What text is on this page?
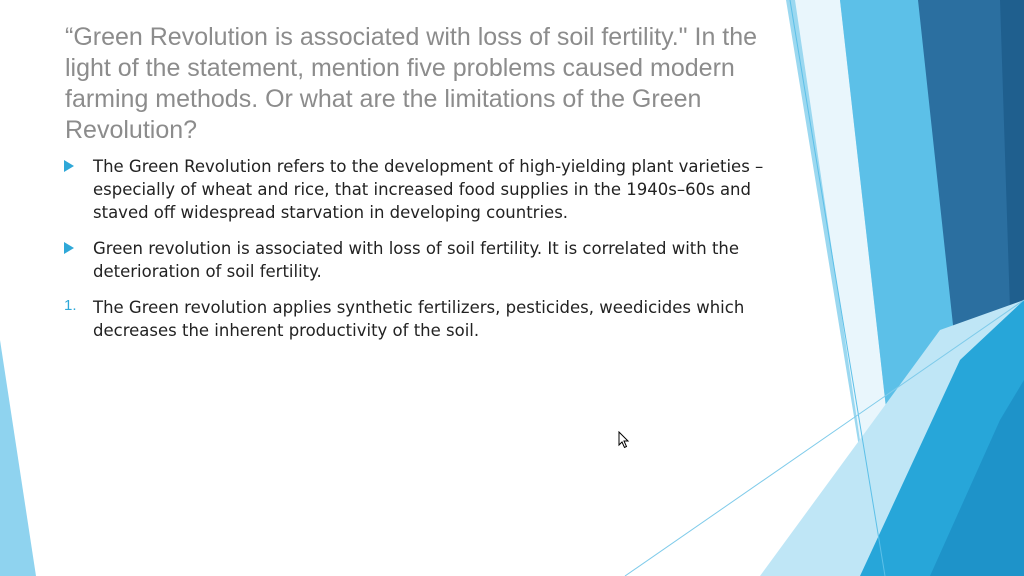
“Green Revolution is associated with loss of soil fertility." In the light of the statement, mention five problems caused modern farming methods. Or what are the limitations of the Green Revolution?
The Green Revolution refers to the development of high-yielding plant varieties – especially of wheat and rice, that increased food supplies in the 1940s–60s and staved off widespread starvation in developing countries.
Green revolution is associated with loss of soil fertility. It is correlated with the deterioration of soil fertility.
1. The Green revolution applies synthetic fertilizers, pesticides, weedicides which decreases the inherent productivity of the soil.
